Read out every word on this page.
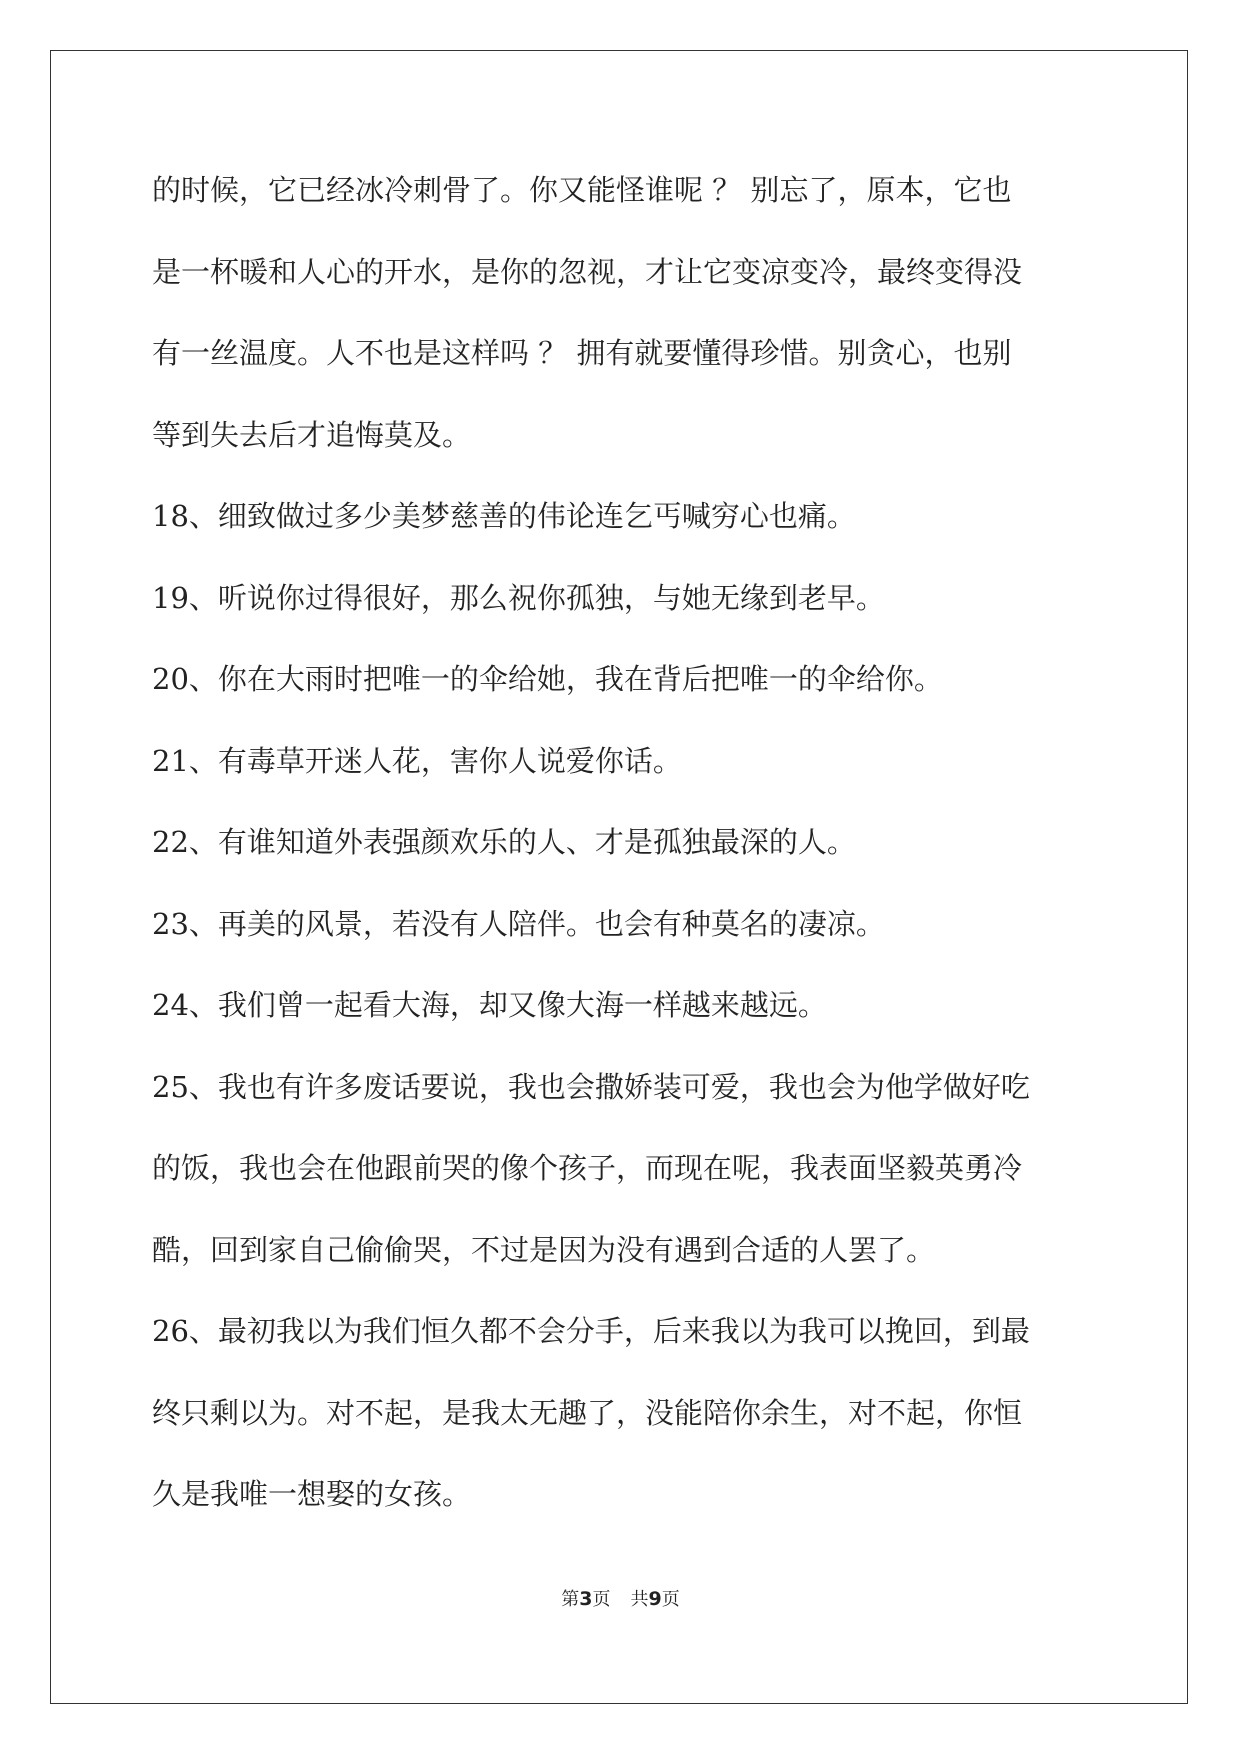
的时候，它已经冰冷刺骨了。你又能怪谁呢 ？ 别忘了，原本，它也
是一杯暖和人心的开水，是你的忽视，才让它变凉变冷，最终变得没
有一丝温度。人不也是这样吗 ？ 拥有就要懂得珍惜。别贪心，也别
等到失去后才追悔莫及。
18、细致做过多少美梦慈善的伟论连乞丐喊穷心也痛。
19、听说你过得很好，那么祝你孤独，与她无缘到老早。
20、你在大雨时把唯一的伞给她，我在背后把唯一的伞给你。
21、有毒草开迷人花，害你人说爱你话。
22、有谁知道外表强颜欢乐的人、才是孤独最深的人。
23、再美的风景，若没有人陪伴。也会有种莫名的凄凉。
24、我们曾一起看大海，却又像大海一样越来越远。
25、我也有许多废话要说，我也会撒娇装可爱，我也会为他学做好吃
的饭，我也会在他跟前哭的像个孩子，而现在呢，我表面坚毅英勇冷
酷，回到家自己偷偷哭，不过是因为没有遇到合适的人罢了。
26、最初我以为我们恒久都不会分手，后来我以为我可以挽回，到最
终只剩以为。对不起，是我太无趣了，没能陪你余生，对不起，你恒
久是我唯一想娶的女孩。
第3页 共9页
